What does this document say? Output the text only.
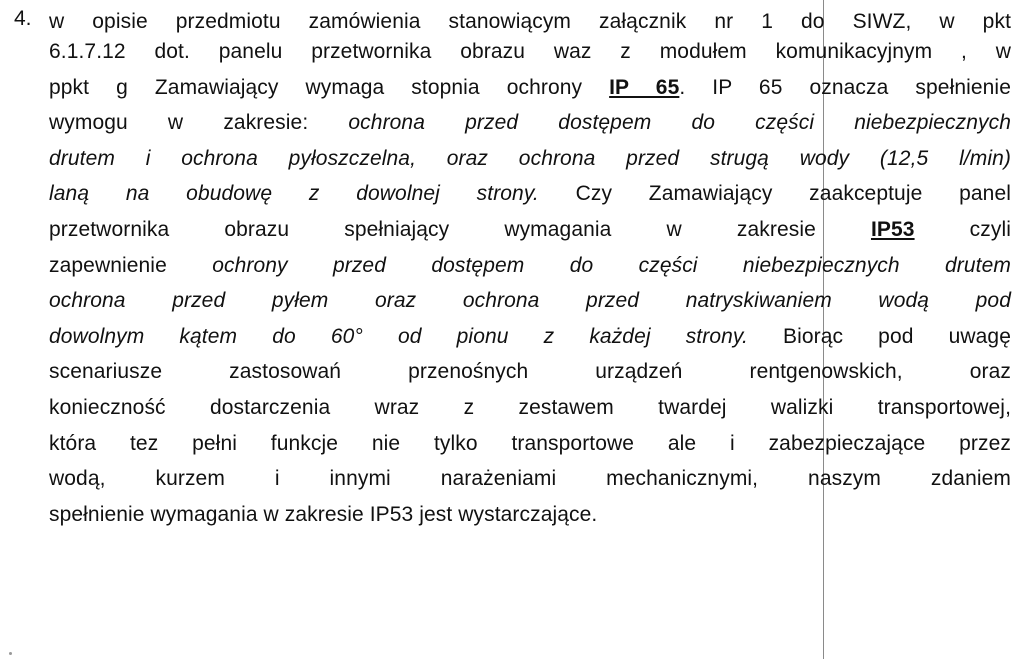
4. w opisie przedmiotu zamówienia stanowiącym załącznik nr 1 do SIWZ, w pkt
6.1.7.12 dot. panelu przetwornika obrazu waz z modułem komunikacyjnym , w
ppkt g Zamawiający wymaga stopnia ochrony IP 65. IP 65 oznacza spełnienie
wymogu w zakresie: ochrona przed dostępem do części niebezpiecznych
drutem i ochrona pyłoszczelna, oraz ochrona przed strugą wody (12,5 l/min)
laną na obudowę z dowolnej strony. Czy Zamawiający zaakceptuje panel
przetwornika obrazu spełniający wymagania w zakresie IP53 czyli
zapewnienie ochrony przed dostępem do części niebezpiecznych drutem
ochrona przed pyłem oraz ochrona przed natryskiwaniem wodą pod
dowolnym kątem do 60° od pionu z każdej strony. Biorąc pod uwagę
scenariusze zastosowań przenośnych urządzeń rentgenowskich, oraz
konieczność dostarczenia wraz z zestawem twardej walizki transportowej,
która tez pełni funkcje nie tylko transportowe ale i zabezpieczające przez
wodą, kurzem i innymi narażeniami mechanicznymi, naszym zdaniem
spełnienie wymagania w zakresie IP53 jest wystarczające.
